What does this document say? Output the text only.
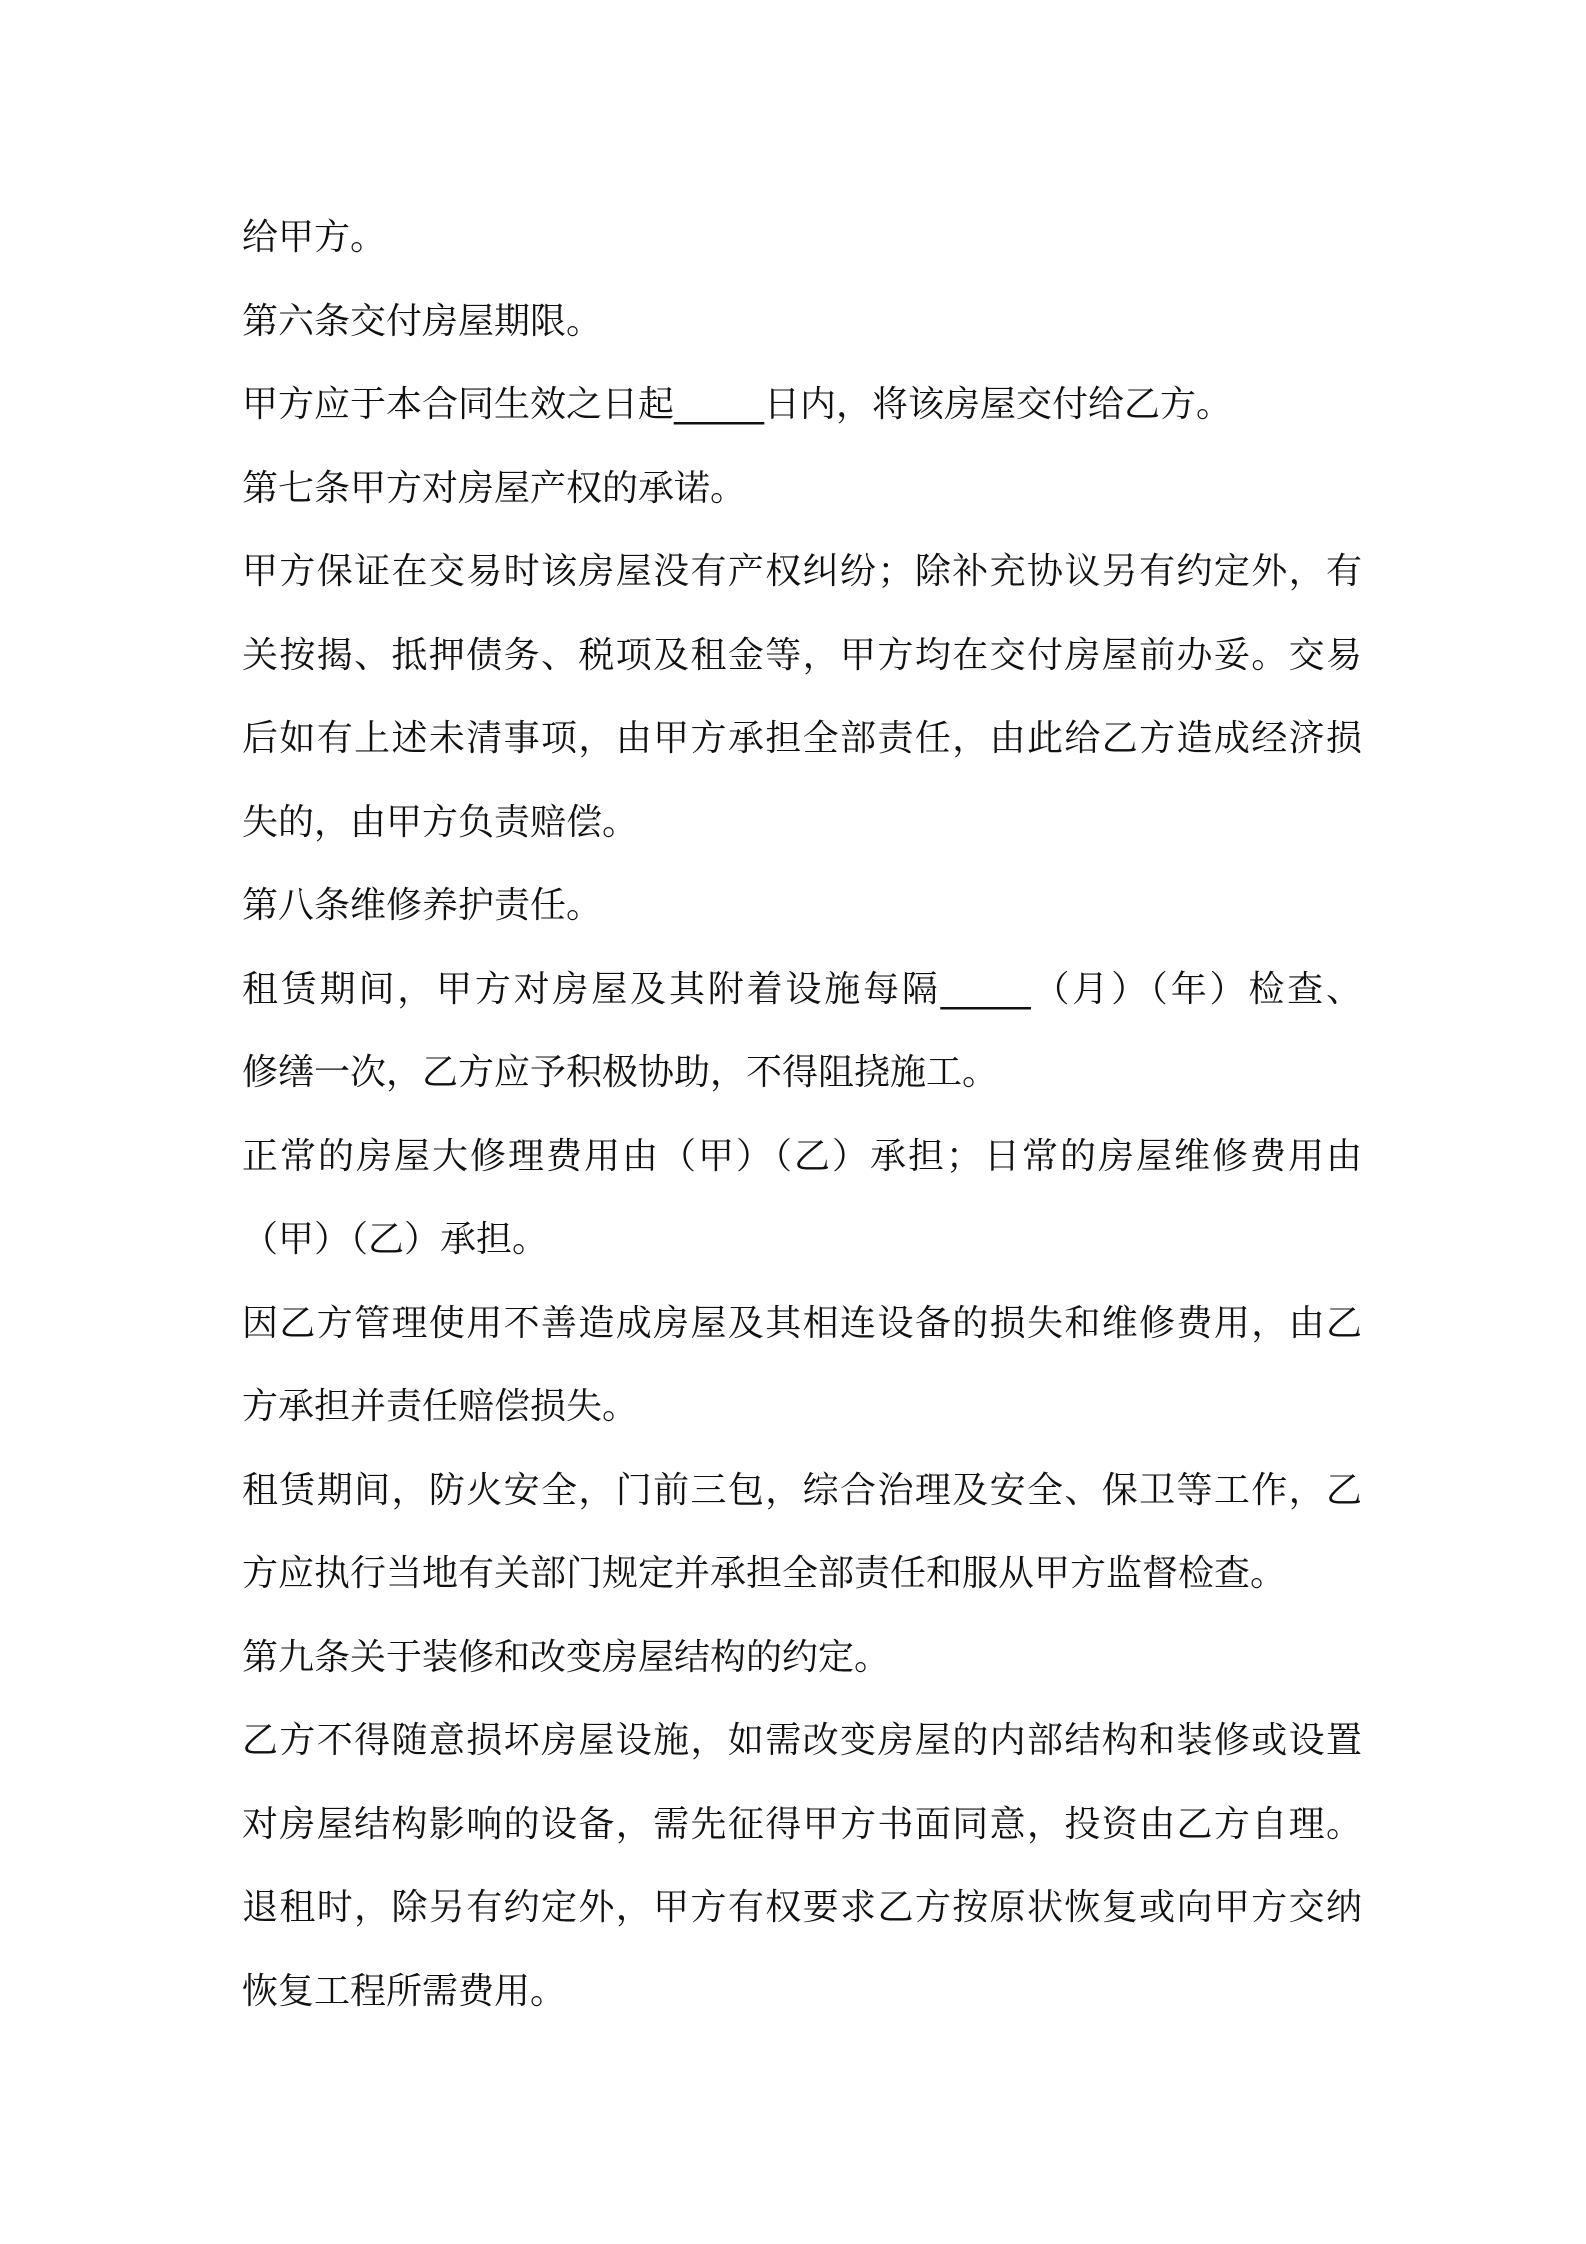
给甲方。
第六条交付房屋期限。
甲方应于本合同生效之日起_____日内，将该房屋交付给乙方。
第七条甲方对房屋产权的承诺。
甲方保证在交易时该房屋没有产权纠纷；除补充协议另有约定外，有
关按揭、抵押债务、税项及租金等，甲方均在交付房屋前办妥。交易
后如有上述未清事项，由甲方承担全部责任，由此给乙方造成经济损
失的，由甲方负责赔偿。
第八条维修养护责任。
租赁期间，甲方对房屋及其附着设施每隔_____（月）（年）检查、
修缮一次，乙方应予积极协助，不得阻挠施工。
正常的房屋大修理费用由（甲）（乙）承担；日常的房屋维修费用由
（甲）（乙）承担。
因乙方管理使用不善造成房屋及其相连设备的损失和维修费用，由乙
方承担并责任赔偿损失。
租赁期间，防火安全，门前三包，综合治理及安全、保卫等工作，乙
方应执行当地有关部门规定并承担全部责任和服从甲方监督检查。
第九条关于装修和改变房屋结构的约定。
乙方不得随意损坏房屋设施，如需改变房屋的内部结构和装修或设置
对房屋结构影响的设备，需先征得甲方书面同意，投资由乙方自理。
退租时，除另有约定外，甲方有权要求乙方按原状恢复或向甲方交纳
恢复工程所需费用。
